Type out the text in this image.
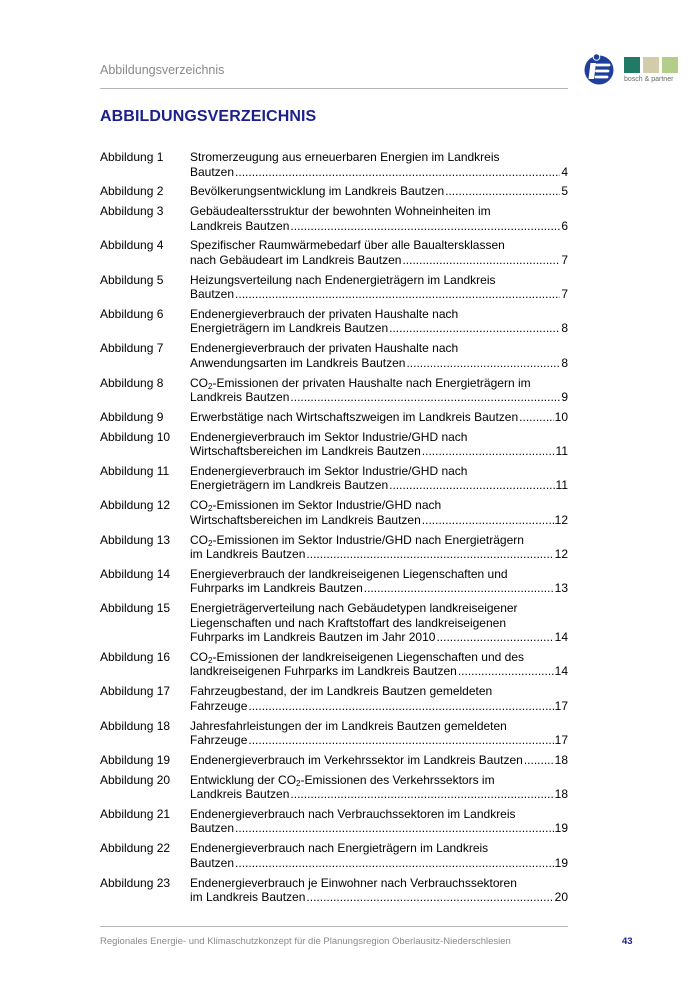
Abbildungsverzeichnis
bosch & partner
ABBILDUNGSVERZEICHNIS
Abbildung 1	Stromerzeugung aus erneuerbaren Energien im Landkreis
Bautzen .....	4
Abbildung 2	Bevölkerungsentwicklung im Landkreis Bautzen .....	5
Abbildung 3	Gebäudealtersstruktur der bewohnten Wohneinheiten im
Landkreis Bautzen .....	6
Abbildung 4	Spezifischer Raumwärmebedarf über alle Baualtersklassen
nach Gebäudeart im Landkreis Bautzen .....	7
Abbildung 5	Heizungsverteilung nach Endenergieträgern im Landkreis
Bautzen .....	7
Abbildung 6	Endenergieverbrauch der privaten Haushalte nach
Energieträgern im Landkreis Bautzen .....	8
Abbildung 7	Endenergieverbrauch der privaten Haushalte nach
Anwendungsarten im Landkreis Bautzen .....	8
Abbildung 8	$CO_2$-Emissionen der privaten Haushalte nach Energieträgern im
Landkreis Bautzen .....	9
Abbildung 9	Erwerbstätige nach Wirtschaftszweigen im Landkreis Bautzen .....	10
Abbildung 10	Endenergieverbrauch im Sektor Industrie/GHD nach
Wirtschaftsbereichen im Landkreis Bautzen .....	11
Abbildung 11	Endenergieverbrauch im Sektor Industrie/GHD nach
Energieträgern im Landkreis Bautzen .....	11
Abbildung 12	$CO_2$-Emissionen im Sektor Industrie/GHD nach
Wirtschaftsbereichen im Landkreis Bautzen .....	12
Abbildung 13	$CO_2$-Emissionen im Sektor Industrie/GHD nach Energieträgern
im Landkreis Bautzen .....	12
Abbildung 14	Energieverbrauch der landkreiseigenen Liegenschaften und
Fuhrparks im Landkreis Bautzen .....	13
Abbildung 15	Energieträgerverteilung nach Gebäudetypen landkreiseigener
Liegenschaften und nach Kraftstoffart des landkreiseigenen
Fuhrparks im Landkreis Bautzen im Jahr 2010 .....	14
Abbildung 16	$CO_2$-Emissionen der landkreiseigenen Liegenschaften und des
landkreiseigenen Fuhrparks im Landkreis Bautzen .....	14
Abbildung 17	Fahrzeugbestand, der im Landkreis Bautzen gemeldeten
Fahrzeuge .....	17
Abbildung 18	Jahresfahrleistungen der im Landkreis Bautzen gemeldeten
Fahrzeuge .....	17
Abbildung 19	Endenergieverbrauch im Verkehrssektor im Landkreis Bautzen .....	18
Abbildung 20	Entwicklung der $CO_2$-Emissionen des Verkehrssektors im
Landkreis Bautzen .....	18
Abbildung 21	Endenergieverbrauch nach Verbrauchssektoren im Landkreis
Bautzen .....	19
Abbildung 22	Endenergieverbrauch nach Energieträgern im Landkreis
Bautzen .....	19
Abbildung 23	Endenergieverbrauch je Einwohner nach Verbrauchssektoren
im Landkreis Bautzen .....	20
Regionales Energie- und Klimaschutzkonzept für die Planungsregion Oberlausitz-Niederschlesien	43
